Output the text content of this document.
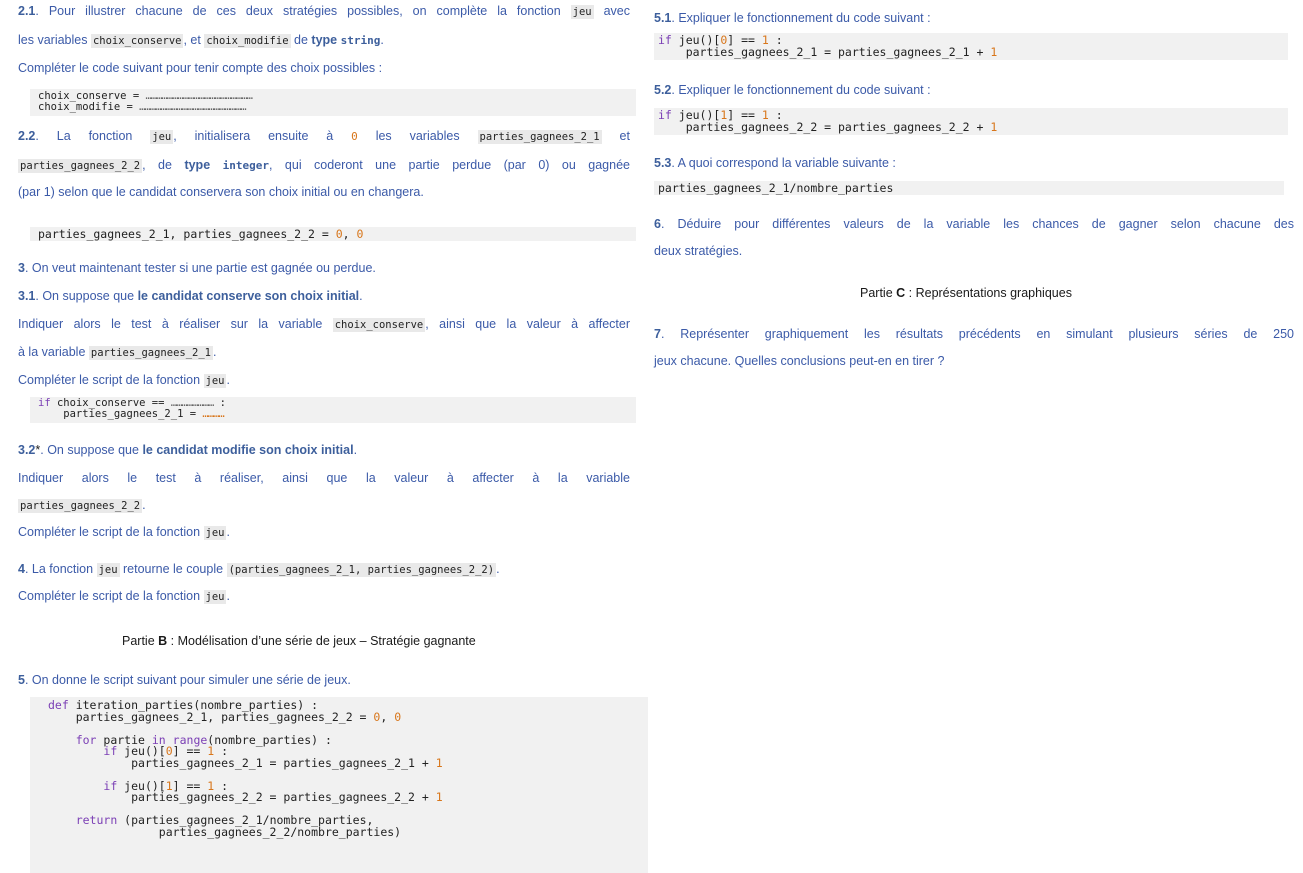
2.1. Pour illustrer chacune de ces deux stratégies possibles, on complète la fonction jeu avec
les variables choix_conserve , et choix_modifie de type string.
Compléter le code suivant pour tenir compte des choix possibles :
choix_conserve = ……………………………………………………
choix_modifie = ……………………………………………………
2.2. La fonction jeu , initialisera ensuite à 0 les variables parties_gagnees_2_1 et
parties_gagnees_2_2 , de type integer, qui coderont une partie perdue (par 0) ou gagnée
(par 1) selon que le candidat conservera son choix initial ou en changera.
parties_gagnees_2_1, parties_gagnees_2_2 = 0, 0
3. On veut maintenant tester si une partie est gagnée ou perdue.
3.1. On suppose que le candidat conserve son choix initial.
Indiquer alors le test à réaliser sur la variable choix_conserve , ainsi que la valeur à affecter
à la variable parties_gagnees_2_1 .
Compléter le script de la fonction jeu .
if choix_conserve == …………………… :
parties_gagnees_2_1 = …………
3.2*. On suppose que le candidat modifie son choix initial.
Indiquer alors le test à réaliser, ainsi que la valeur à affecter à la variable
parties_gagnees_2_2 .
Compléter le script de la fonction jeu .
4. La fonction jeu retourne le couple (parties_gagnees_2_1, parties_gagnees_2_2) .
Compléter le script de la fonction jeu .
Partie B : Modélisation d’une série de jeux – Stratégie gagnante
5. On donne le script suivant pour simuler une série de jeux.
def iteration_parties(nombre_parties) :
parties_gagnees_2_1, parties_gagnees_2_2 = 0, 0

for partie in range(nombre_parties) :
if jeu()[0] == 1 :
parties_gagnees_2_1 = parties_gagnees_2_1 + 1

if jeu()[1] == 1 :
parties_gagnees_2_2 = parties_gagnees_2_2 + 1

return (parties_gagnees_2_1/nombre_parties,
parties_gagnees_2_2/nombre_parties)
5.1. Expliquer le fonctionnement du code suivant :
if jeu()[0] == 1 :
parties_gagnees_2_1 = parties_gagnees_2_1 + 1
5.2. Expliquer le fonctionnement du code suivant :
if jeu()[1] == 1 :
parties_gagnees_2_2 = parties_gagnees_2_2 + 1
5.3. A quoi correspond la variable suivante :
parties_gagnees_2_1/nombre_parties
6. Déduire pour différentes valeurs de la variable les chances de gagner selon chacune des
deux stratégies.
Partie C : Représentations graphiques
7. Représenter graphiquement les résultats précédents en simulant plusieurs séries de 250
jeux chacune. Quelles conclusions peut-en en tirer ?
